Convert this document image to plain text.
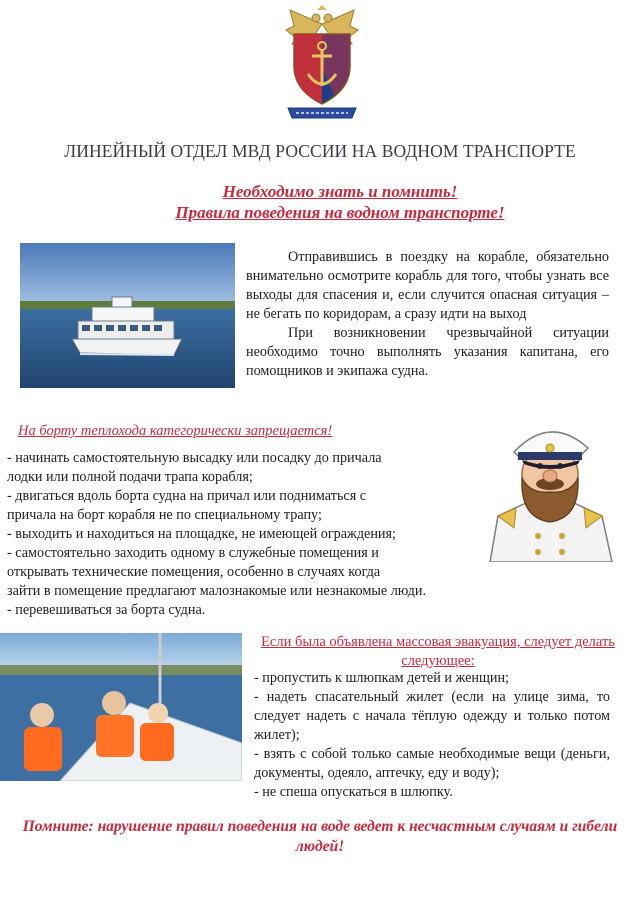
ЛИНЕЙНЫЙ ОТДЕЛ МВД РОССИИ НА ВОДНОМ ТРАНСПОРТЕ
Необходимо знать и помнить!
Правила поведения на водном транспорте!

Отправившись в поездку на корабле, обязательно внимательно осмотрите корабль для того, чтобы узнать все выходы для спасения и, если случится опасная ситуация – не бегать по коридорам, а сразу идти на выход

При возникновении чрезвычайной ситуации необходимо точно выполнять указания капитана, его помощников и экипажа судна.

На борту теплохода категорически запрещается!
- начинать самостоятельную высадку или посадку до причала
лодки или полной подачи трапа корабля;
- двигаться вдоль борта судна на причал или подниматься с
причала на борт корабля не по специальному трапу;
- выходить и находиться на площадке, не имеющей ограждения;
- самостоятельно заходить одному в служебные помещения и
открывать технические помещения, особенно в случаях когда
зайти в помещение предлагают малознакомые или незнакомые люди.
- перевешиваться за борта судна.
Если была объявлена массовая эвакуация, следует делать следующее:
- пропустить к шлюпкам детей и женщин;
- надеть спасательный жилет (если на улице зима, то следует надеть с начала тёплую одежду и только потом жилет);
- взять с собой только самые необходимые вещи (деньги, документы, одеяло, аптечку, еду и воду);
- не спеша опускаться в шлюпку.
Помните: нарушение правил поведения на воде ведет к несчастным случаям и гибели людей!
